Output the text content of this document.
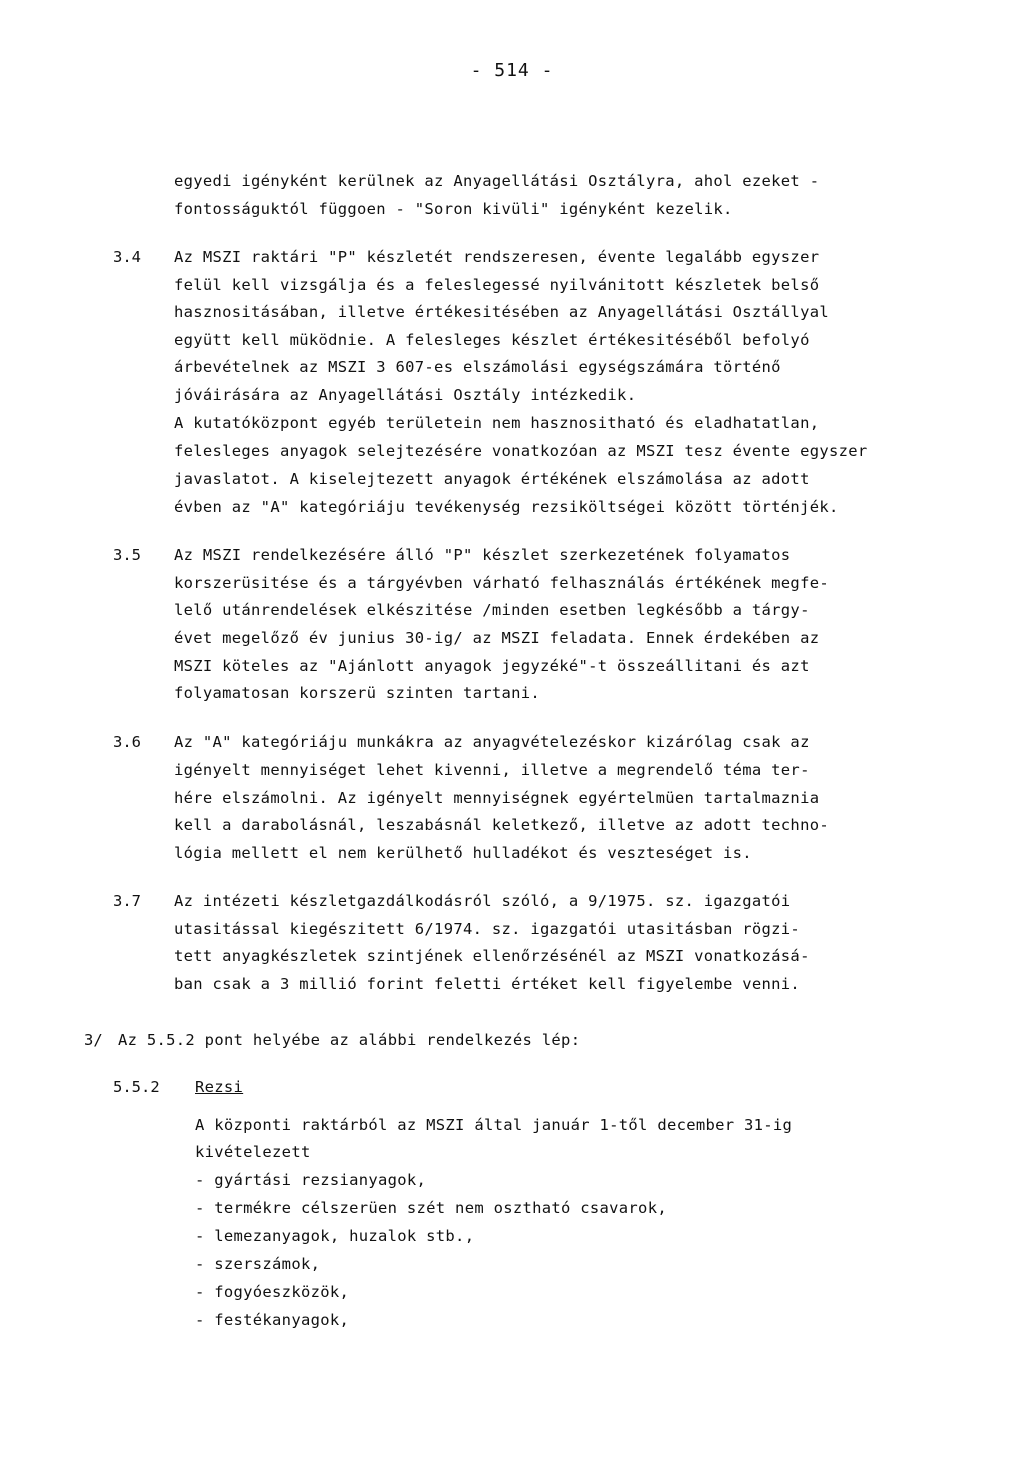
- 514 -
egyedi igényként kerülnek az Anyagellátási Osztályra, ahol ezeket -
fontosságuktól függoen - "Soron kivüli" igényként kezelik.
3.4 Az MSZI raktári "P" készletét rendszeresen, évente legalább egyszer
felül kell vizsgálja és a feleslegessé nyilvánitott készletek belső
hasznositásában, illetve értékesitésében az Anyagellátási Osztállyal
együtt kell müködnie. A felesleges készlet értékesitéséből befolyó
árbevételnek az MSZI 3 607-es elszámolási egységszámára történő
jóváirására az Anyagellátási Osztály intézkedik.
A kutatóközpont egyéb területein nem hasznositható és eladhatatlan,
felesleges anyagok selejtezésére vonatkozóan az MSZI tesz évente egyszer
javaslatot. A kiselejtezett anyagok értékének elszámolása az adott
évben az "A" kategóriáju tevékenység rezsiköltségei között történjék.
3.5 Az MSZI rendelkezésére álló "P" készlet szerkezetének folyamatos
korszerüsitése és a tárgyévben várható felhasználás értékének megfe-
lelő utánrendelések elkészitése /minden esetben legkésőbb a tárgy-
évet megelőző év junius 30-ig/ az MSZI feladata. Ennek érdekében az
MSZI köteles az "Ajánlott anyagok jegyzéké"-t összeállitani és azt
folyamatosan korszerü szinten tartani.
3.6 Az "A" kategóriáju munkákra az anyagvételezéskor kizárólag csak az
igényelt mennyiséget lehet kivenni, illetve a megrendelő téma ter-
hére elszámolni. Az igényelt mennyiségnek egyértelmüen tartalmaznia
kell a darabolásnál, leszabásnál keletkező, illetve az adott techno-
lógia mellett el nem kerülhető hulladékot és veszteséget is.
3.7 Az intézeti készletgazdálkodásról szóló, a 9/1975. sz. igazgatói
utasitással kiegészitett 6/1974. sz. igazgatói utasitásban rögzi-
tett anyagkészletek szintjének ellenőrzésénél az MSZI vonatkozásá-
ban csak a 3 millió forint feletti értéket kell figyelembe venni.
3/ Az 5.5.2 pont helyébe az alábbi rendelkezés lép:
5.5.2 Rezsi
A központi raktárból az MSZI által január 1-től december 31-ig
kivételezett
- gyártási rezsianyagok,
- termékre célszerüen szét nem osztható csavarok,
- lemezanyagok, huzalok stb.,
- szerszámok,
- fogyóeszközök,
- festékanyagok,
